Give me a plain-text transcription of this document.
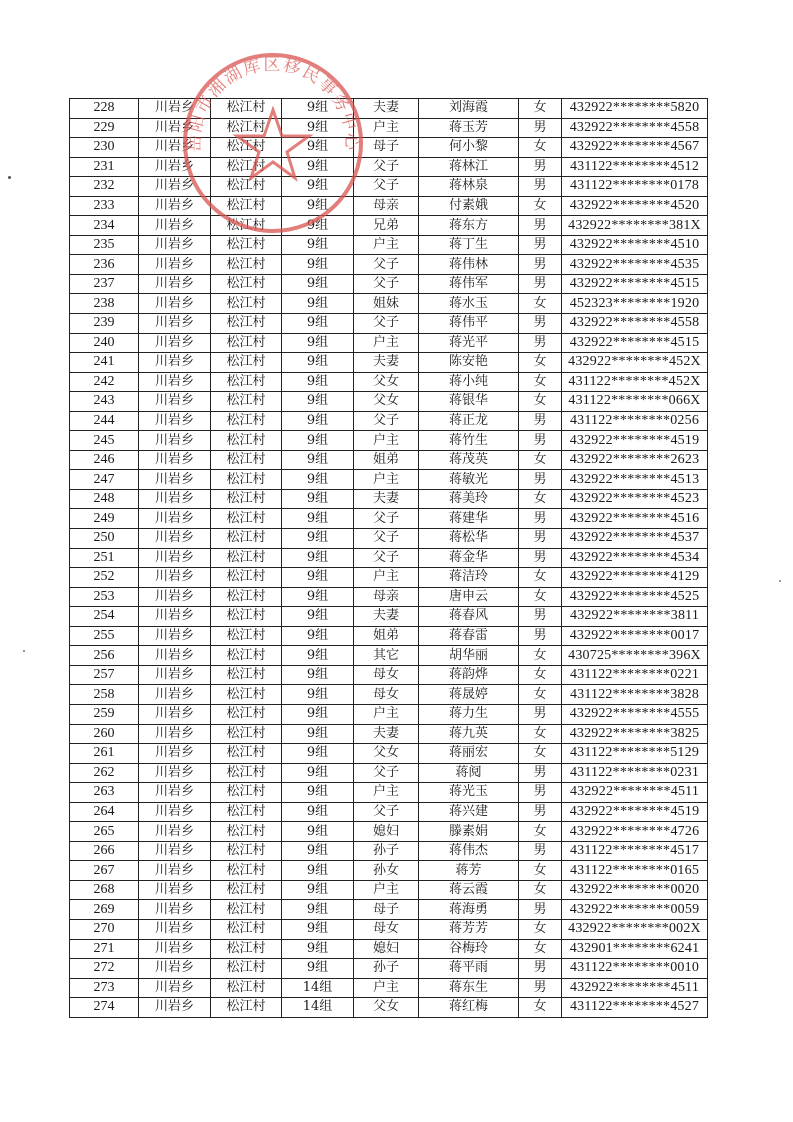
228	川岩乡	松江村	9组	夫妻	刘海霞	女	432922********5820
229	川岩乡	松江村	9组	户主	蒋玉芳	男	432922********4558
230	川岩乡	松江村	9组	母子	何小黎	女	432922********4567
231	川岩乡	松江村	9组	父子	蒋林江	男	431122********4512
232	川岩乡	松江村	9组	父子	蒋林泉	男	431122********0178
233	川岩乡	松江村	9组	母亲	付素娥	女	432922********4520
234	川岩乡	松江村	9组	兄弟	蒋东方	男	432922********381X
235	川岩乡	松江村	9组	户主	蒋丁生	男	432922********4510
236	川岩乡	松江村	9组	父子	蒋伟林	男	432922********4535
237	川岩乡	松江村	9组	父子	蒋伟军	男	432922********4515
238	川岩乡	松江村	9组	姐妹	蒋水玉	女	452323********1920
239	川岩乡	松江村	9组	父子	蒋伟平	男	432922********4558
240	川岩乡	松江村	9组	户主	蒋光平	男	432922********4515
241	川岩乡	松江村	9组	夫妻	陈安艳	女	432922********452X
242	川岩乡	松江村	9组	父女	蒋小纯	女	431122********452X
243	川岩乡	松江村	9组	父女	蒋银华	女	431122********066X
244	川岩乡	松江村	9组	父子	蒋正龙	男	431122********0256
245	川岩乡	松江村	9组	户主	蒋竹生	男	432922********4519
246	川岩乡	松江村	9组	姐弟	蒋茂英	女	432922********2623
247	川岩乡	松江村	9组	户主	蒋敏光	男	432922********4513
248	川岩乡	松江村	9组	夫妻	蒋美玲	女	432922********4523
249	川岩乡	松江村	9组	父子	蒋建华	男	432922********4516
250	川岩乡	松江村	9组	父子	蒋松华	男	432922********4537
251	川岩乡	松江村	9组	父子	蒋金华	男	432922********4534
252	川岩乡	松江村	9组	户主	蒋洁玲	女	432922********4129
253	川岩乡	松江村	9组	母亲	唐申云	女	432922********4525
254	川岩乡	松江村	9组	夫妻	蒋春风	男	432922********3811
255	川岩乡	松江村	9组	姐弟	蒋春雷	男	432922********0017
256	川岩乡	松江村	9组	其它	胡华丽	女	430725********396X
257	川岩乡	松江村	9组	母女	蒋韵烨	女	431122********0221
258	川岩乡	松江村	9组	母女	蒋晟婷	女	431122********3828
259	川岩乡	松江村	9组	户主	蒋力生	男	432922********4555
260	川岩乡	松江村	9组	夫妻	蒋九英	女	432922********3825
261	川岩乡	松江村	9组	父女	蒋丽宏	女	431122********5129
262	川岩乡	松江村	9组	父子	蒋阋	男	431122********0231
263	川岩乡	松江村	9组	户主	蒋光玉	男	432922********4511
264	川岩乡	松江村	9组	父子	蒋兴建	男	432922********4519
265	川岩乡	松江村	9组	媳妇	滕素娟	女	432922********4726
266	川岩乡	松江村	9组	孙子	蒋伟杰	男	431122********4517
267	川岩乡	松江村	9组	孙女	蒋芳	女	431122********0165
268	川岩乡	松江村	9组	户主	蒋云霞	女	432922********0020
269	川岩乡	松江村	9组	母子	蒋海勇	男	432922********0059
270	川岩乡	松江村	9组	母女	蒋芳芳	女	432922********002X
271	川岩乡	松江村	9组	媳妇	谷梅玲	女	432901********6241
272	川岩乡	松江村	9组	孙子	蒋平雨	男	431122********0010
273	川岩乡	松江村	14组	户主	蒋东生	男	432922********4511
274	川岩乡	松江村	14组	父女	蒋红梅	女	431122********4527
岳阳市湘湖库区移民事务中心
